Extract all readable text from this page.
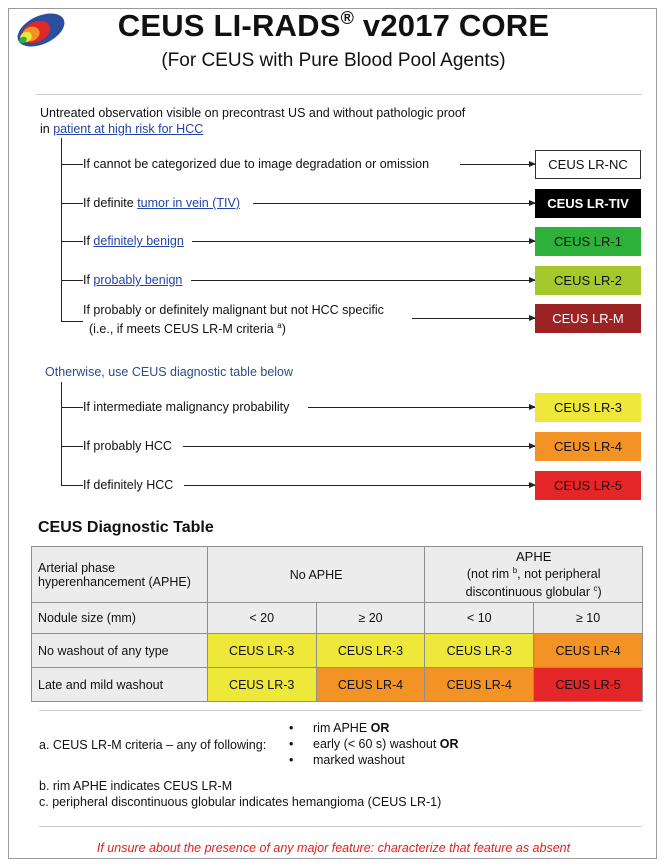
CEUS LI-RADS® v2017 CORE
(For CEUS with Pure Blood Pool Agents)
Untreated observation visible on precontrast US and without pathologic proof
in patient at high risk for HCC
If cannot be categorized due to image degradation or omission	CEUS LR-NC
If definite tumor in vein (TIV)	CEUS LR-TIV
If definitely benign	CEUS LR-1
If probably benign	CEUS LR-2
If probably or definitely malignant but not HCC specific
(i.e., if meets CEUS LR-M criteria $^a$)
CEUS LR-M
Otherwise, use CEUS diagnostic table below
If intermediate malignancy probability	CEUS LR-3
If probably HCC	CEUS LR-4
If definitely HCC	CEUS LR-5
CEUS Diagnostic Table
Arterial phase hyperenhancement (APHE)	No APHE		APHE
(not rim $^b$, not peripheral
discontinuous globular $^c$)	

Nodule size (mm)	< 20	≥ 20	< 10	≥ 10
No washout of any type	CEUS LR-3	CEUS LR-3	CEUS LR-3	CEUS LR-4
Late and mild washout	CEUS LR-3	CEUS LR-4	CEUS LR-4	CEUS LR-5
a. CEUS LR-M criteria – any of following:
• rim APHE OR
• early (< 60 s) washout OR
• marked washout
b. rim APHE indicates CEUS LR-M
c. peripheral discontinuous globular indicates hemangioma (CEUS LR-1)
If unsure about the presence of any major feature: characterize that feature as absent
